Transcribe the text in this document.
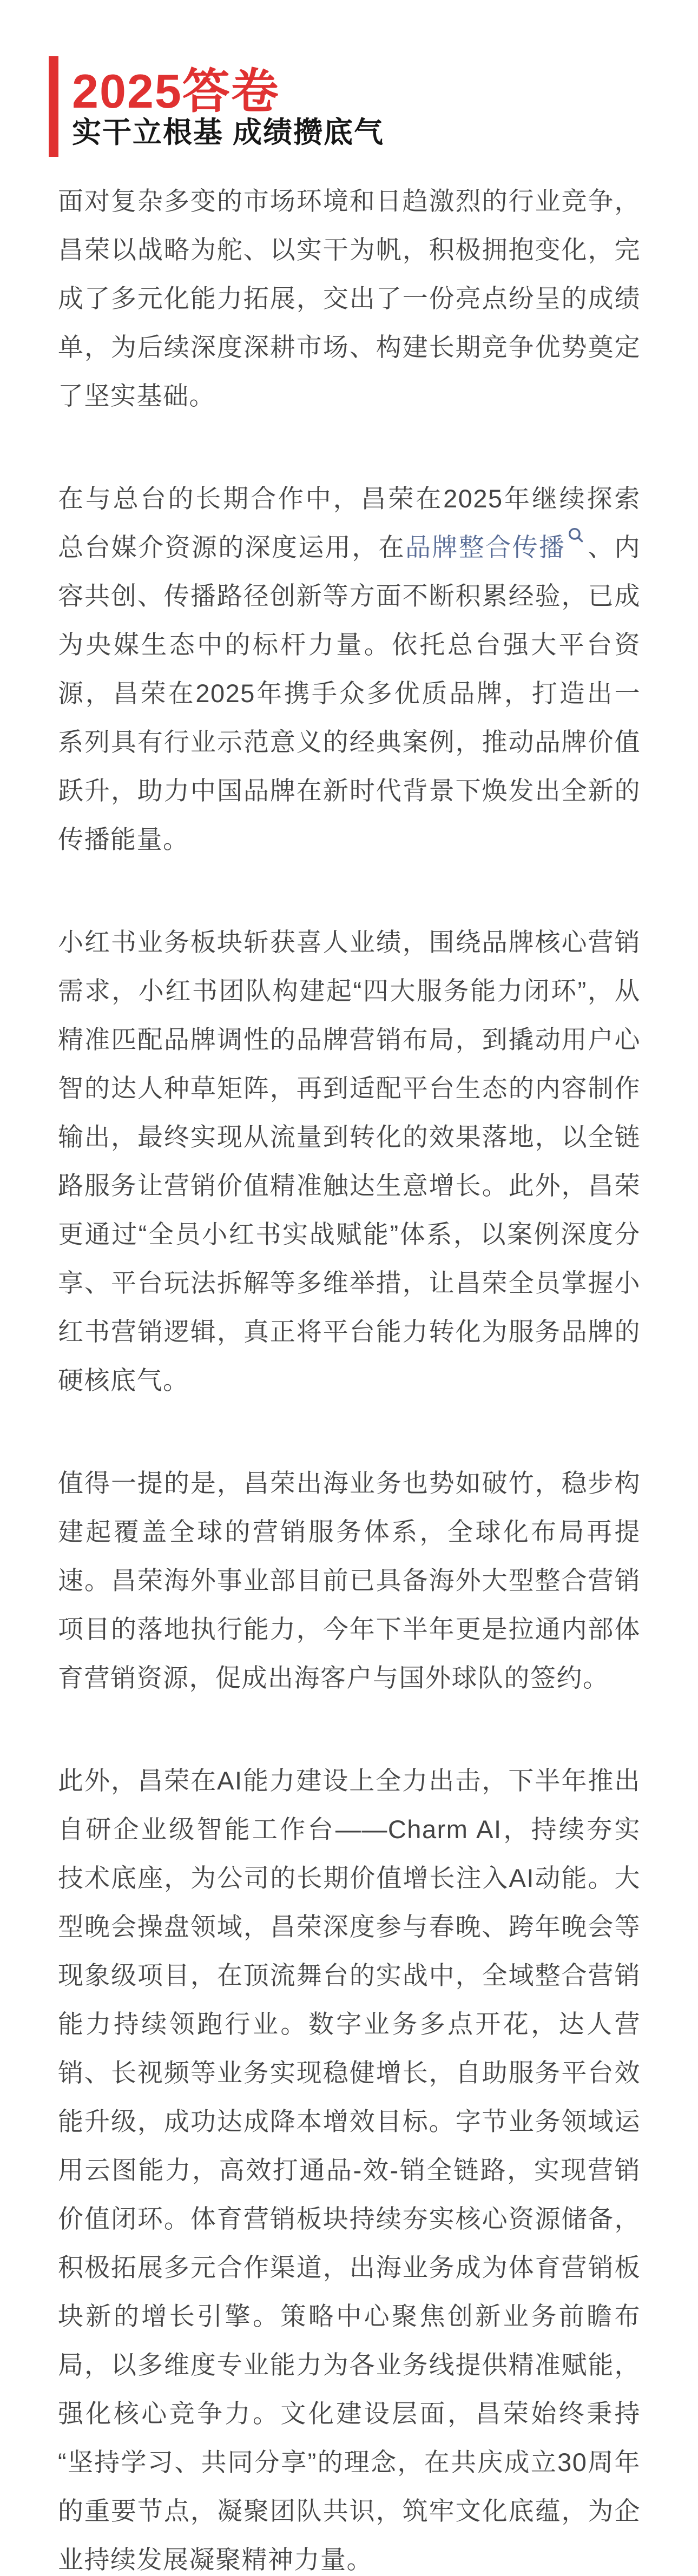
2025答卷
实干立根基 成绩攒底气

面对复杂多变的市场环境和日趋激烈的行业竞争，昌荣以战略为舵、以实干为帆，积极拥抱变化，完成了多元化能力拓展，交出了一份亮点纷呈的成绩单，为后续深度深耕市场、构建长期竞争优势奠定了坚实基础。

在与总台的长期合作中，昌荣在2025年继续探索总台媒介资源的深度运用，在品牌整合传播 、内容共创、传播路径创新等方面不断积累经验，已成为央媒生态中的标杆力量。依托总台强大平台资源，昌荣在2025年携手众多优质品牌，打造出一系列具有行业示范意义的经典案例，推动品牌价值跃升，助力中国品牌在新时代背景下焕发出全新的传播能量。

小红书业务板块斩获喜人业绩，围绕品牌核心营销需求，小红书团队构建起“四大服务能力闭环”，从精准匹配品牌调性的品牌营销布局，到撬动用户心智的达人种草矩阵，再到适配平台生态的内容制作输出，最终实现从流量到转化的效果落地，以全链路服务让营销价值精准触达生意增长。此外，昌荣更通过“全员小红书实战赋能”体系，以案例深度分享、平台玩法拆解等多维举措，让昌荣全员掌握小红书营销逻辑，真正将平台能力转化为服务品牌的硬核底气。

值得一提的是，昌荣出海业务也势如破竹，稳步构建起覆盖全球的营销服务体系，全球化布局再提速。昌荣海外事业部目前已具备海外大型整合营销项目的落地执行能力，今年下半年更是拉通内部体育营销资源，促成出海客户与国外球队的签约。

此外，昌荣在AI能力建设上全力出击，下半年推出自研企业级智能工作台——Charm AI，持续夯实技术底座，为公司的长期价值增长注入AI动能。大型晚会操盘领域，昌荣深度参与春晚、跨年晚会等现象级项目，在顶流舞台的实战中，全域整合营销能力持续领跑行业。数字业务多点开花，达人营销、长视频等业务实现稳健增长，自助服务平台效能升级，成功达成降本增效目标。字节业务领域运用云图能力，高效打通品-效-销全链路，实现营销价值闭环。体育营销板块持续夯实核心资源储备，积极拓展多元合作渠道，出海业务成为体育营销板块新的增长引擎。策略中心聚焦创新业务前瞻布局，以多维度专业能力为各业务线提供精准赋能，强化核心竞争力。文化建设层面，昌荣始终秉持“坚持学习、共同分享”的理念，在共庆成立30周年的重要节点，凝聚团队共识，筑牢文化底蕴，为企业持续发展凝聚精神力量。
